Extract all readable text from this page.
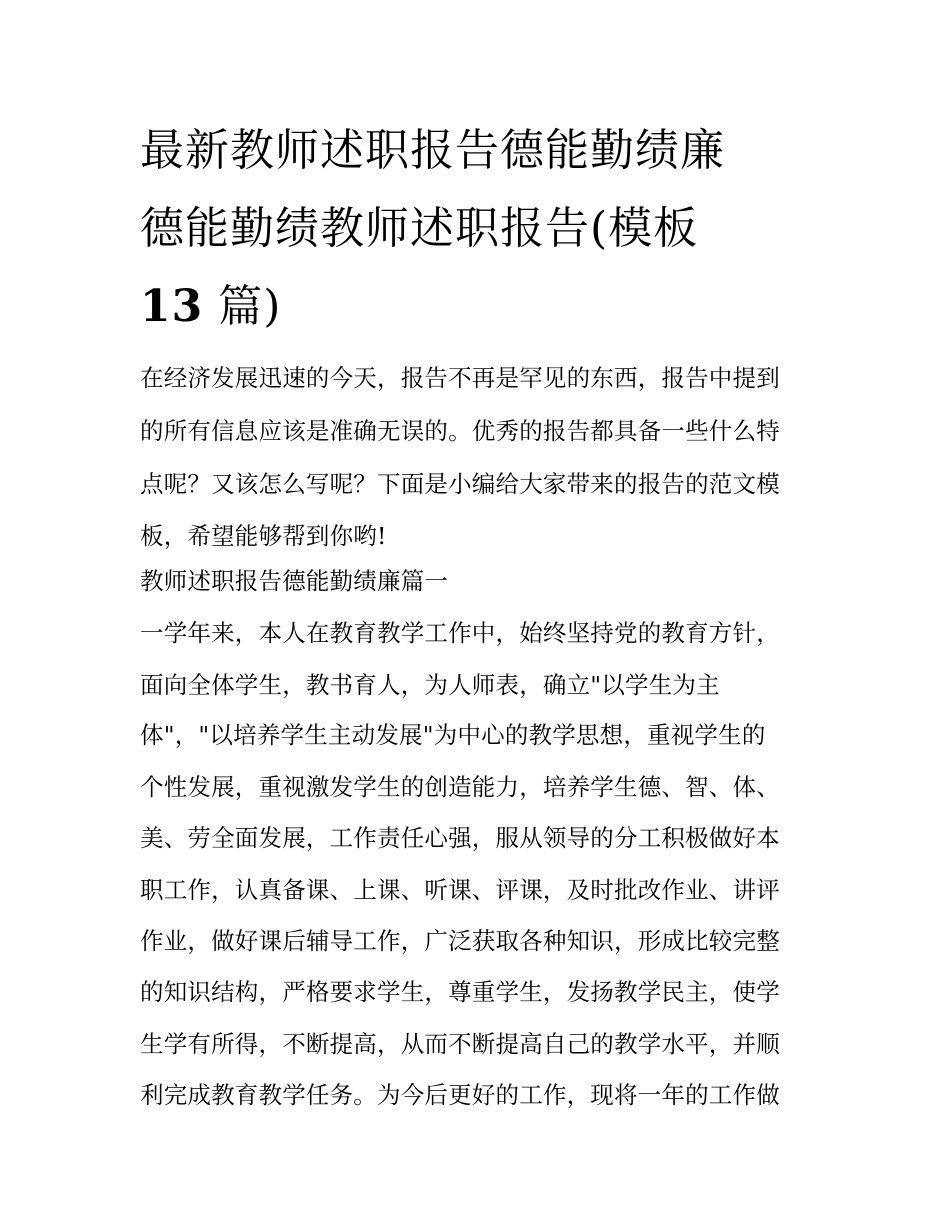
最新教师述职报告德能勤绩廉
德能勤绩教师述职报告(模板
13 篇)
在经济发展迅速的今天，报告不再是罕见的东西，报告中提到
的所有信息应该是准确无误的。优秀的报告都具备一些什么特
点呢？又该怎么写呢？下面是小编给大家带来的报告的范文模
板，希望能够帮到你哟!
教师述职报告德能勤绩廉篇一
一学年来，本人在教育教学工作中，始终坚持党的教育方针，
面向全体学生，教书育人，为人师表，确立"以学生为主
体"，"以培养学生主动发展"为中心的教学思想，重视学生的
个性发展，重视激发学生的创造能力，培养学生德、智、体、
美、劳全面发展，工作责任心强，服从领导的分工积极做好本
职工作，认真备课、上课、听课、评课，及时批改作业、讲评
作业，做好课后辅导工作，广泛获取各种知识，形成比较完整
的知识结构，严格要求学生，尊重学生，发扬教学民主，使学
生学有所得，不断提高，从而不断提高自己的教学水平，并顺
利完成教育教学任务。为今后更好的工作，现将一年的工作做
